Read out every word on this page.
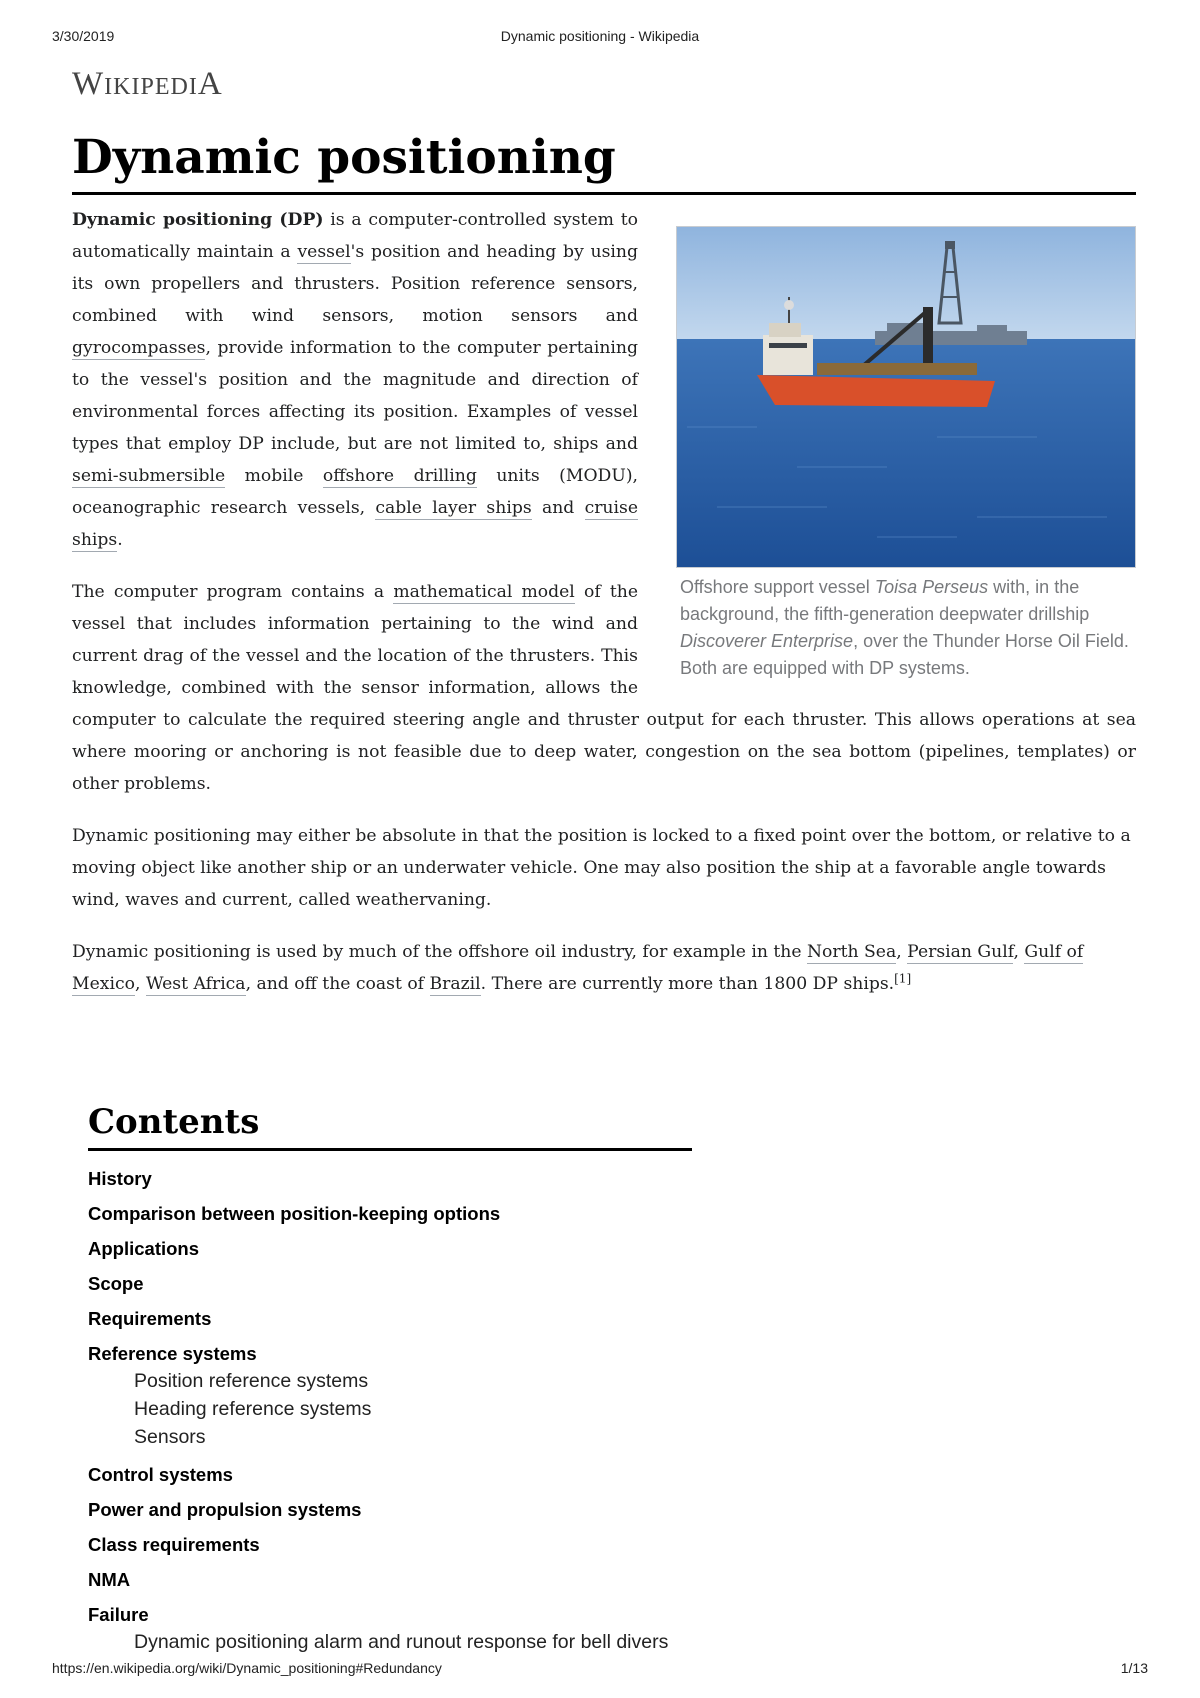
3/30/2019	Dynamic positioning - Wikipedia
WIKIPEDIA
Dynamic positioning
Offshore support vessel Toisa Perseus with, in the background, the fifth-generation deepwater drillship Discoverer Enterprise, over the Thunder Horse Oil Field. Both are equipped with DP systems.

Dynamic positioning (DP) is a computer-controlled system to automatically maintain a vessel's position and heading by using its own propellers and thrusters. Position reference sensors, combined with wind sensors, motion sensors and gyrocompasses, provide information to the computer pertaining to the vessel's position and the magnitude and direction of environmental forces affecting its position. Examples of vessel types that employ DP include, but are not limited to, ships and semi-submersible mobile offshore drilling units (MODU), oceanographic research vessels, cable layer ships and cruise ships.

The computer program contains a mathematical model of the vessel that includes information pertaining to the wind and current drag of the vessel and the location of the thrusters. This knowledge, combined with the sensor information, allows the computer to calculate the required steering angle and thruster output for each thruster. This allows operations at sea where mooring or anchoring is not feasible due to deep water, congestion on the sea bottom (pipelines, templates) or other problems.

Dynamic positioning may either be absolute in that the position is locked to a fixed point over the bottom, or relative to a moving object like another ship or an underwater vehicle. One may also position the ship at a favorable angle towards wind, waves and current, called weathervaning.

Dynamic positioning is used by much of the offshore oil industry, for example in the North Sea, Persian Gulf, Gulf of Mexico, West Africa, and off the coast of Brazil. There are currently more than 1800 DP ships.[1]

Contents
History
Comparison between position-keeping options
Applications
Scope
Requirements
Reference systems
Position reference systems
Heading reference systems
Sensors
Control systems
Power and propulsion systems
Class requirements
NMA
Failure
Dynamic positioning alarm and runout response for bell divers
https://en.wikipedia.org/wiki/Dynamic_positioning#Redundancy	1/13
